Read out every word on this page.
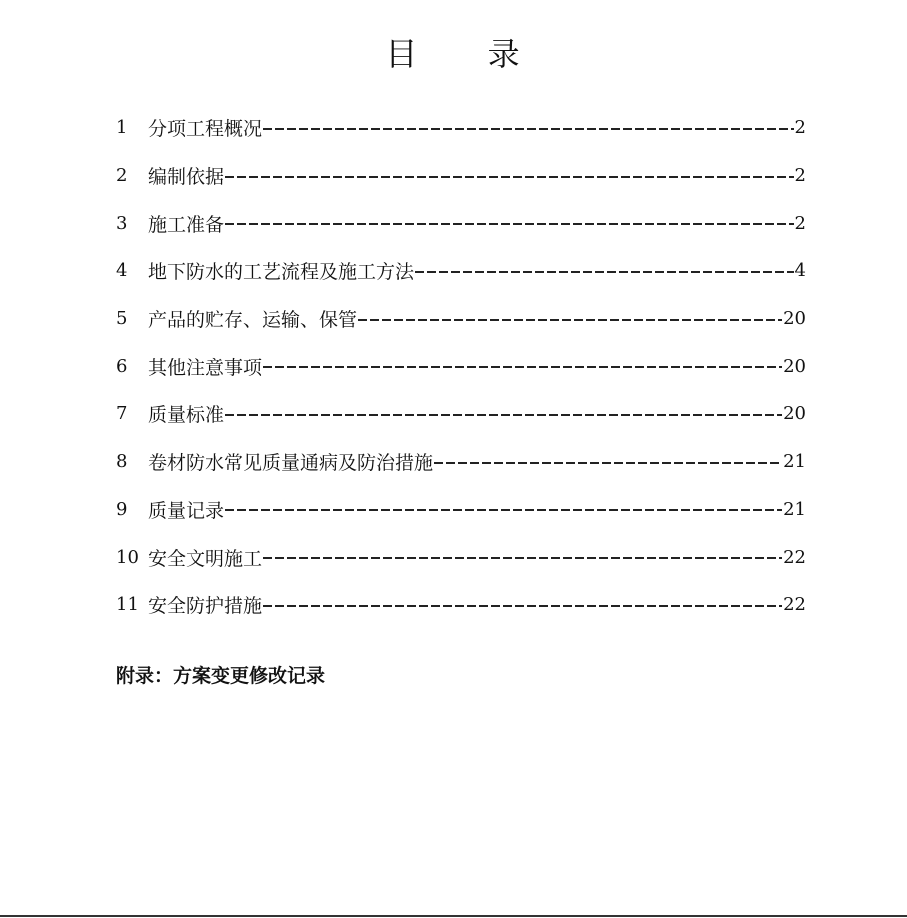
目 录
1	分项工程概况	2
2	编制依据	2
3	施工准备	2
4	地下防水的工艺流程及施工方法	4
5	产品的贮存、运输、保管	20
6	其他注意事项	20
7	质量标准	20
8	卷材防水常见质量通病及防治措施	21
9	质量记录	21
10 安全文明施工	22
11 安全防护措施	22
附录：方案变更修改记录
